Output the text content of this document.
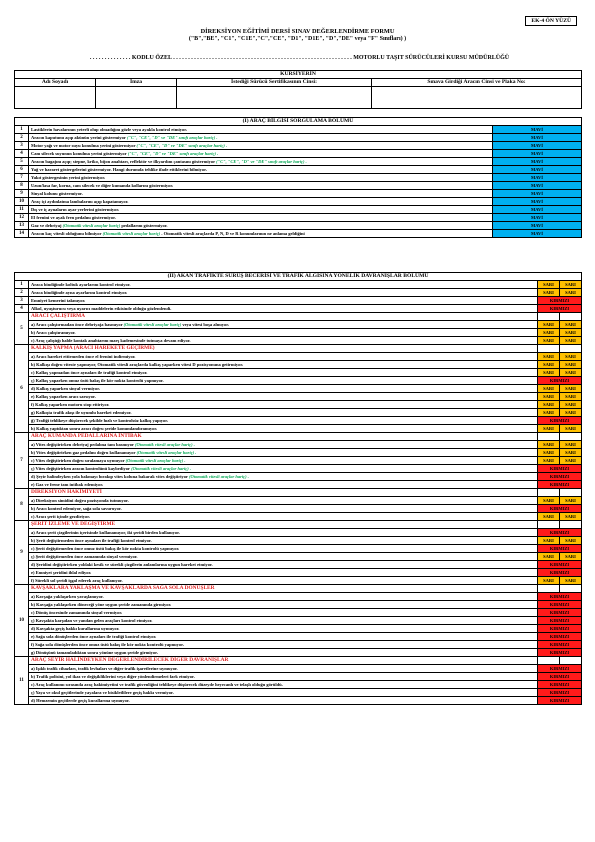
EK-4 ÖN YÜZÜ
DİREKSİYON EĞİTİMİ DERSİ SINAV DEĞERLENDİRME FORMU
("B","BE", "C1", "C1E","C","CE", "D1", "D1E", "D","DE" veya "F" Sınıfları) )
. . . . . . . . . . . . . . KODLU ÖZEL . . . . . . . . . . . . . . . . . . . . . . . . . . . . . . . . . . . . . . . . . . . . . . . . . . . . . . . . . . . . MOTORLU TAŞIT SÜRÜCÜLERİ KURSU MÜDÜRLÜĞÜ
KURSİYERİN			
Adı Soyadı	İmza	İstediği Sürücü Sertifikasının Cinsi:	Sınava Girdiği Aracın Cinsi ve Plaka No:

(I) ARAÇ BİLGİSİ SORGULAMA BÖLÜMÜ		
1	Lastiklerin havalarının yeterli olup olmadığını gözle veya ayakla kontrol etmiyor.	MAVİ
2	Aracın kaputunu açıp akünün yerini göstermiyor ("C", "CE", "D" ve "DE" sınıfı araçlar hariç) .	MAVİ
3	Motor yağı ve motor suyu konulma yerini göstermiyor ("C", "CE", "D" ve "DE" sınıfı araçlar hariç) .	MAVİ
4	Cam silecek suyunun konulma yerini göstermiyor ("C", "CE", "D" ve "DE" sınıfı araçlar hariç) .	MAVİ
5	Aracın bagajını açıp; stepne, kriko, bijon anahtarı, reflektör ve ilkyardım çantasını göstermiyor ("C", "CE", "D" ve "DE" sınıfı araçlar hariç) .	MAVİ
6	Yağ ve hararet göstergelerini göstermiyor. Hangi durumda tehlike ifade ettiklerini bilmiyor.	MAVİ
7	Yakıt göstergesinin yerini göstermiyor.	MAVİ
8	Uzun/kısa far, korna, cam silecek ve diğer kumanda kollarını göstermiyor.	MAVİ
9	Sinyal kolunu göstermiyor.	MAVİ
10	Araç içi aydınlatma lambalarını açıp kapatamıyor.	MAVİ
11	Dış ve iç aynaların ayar yerlerini göstermiyor.	MAVİ
12	El frenini ve ayak fren pedalını göstermiyor.	MAVİ
13	Gaz ve debriyaj (Otomatik vitesli araçlar hariç) pedallarını göstermiyor.	MAVİ
14	Aracın kaç vitesli olduğunu bilmiyor (Otomatik vitesli araçlar hariç) . Otomatik vitesli araçlarda P, N, D ve R konumlarının ne anlama geldiğini	MAVİ
(II) AKAN TRAFİKTE SÜRÜŞ BECERİSİ VE TRAFİK ALGISINA YÖNELİK DAVRANIŞLAR BÖLÜMÜ			
1	Araca bindiğinde koltuk ayarlarını kontrol etmiyor.	SARI	SARI
2	Araca bindiğinde ayna ayarlarını kontrol etmiyor.	SARI	SARI
3	Emniyet kemerini takmıyor.	KIRMIZI	
4	Alkol, uyuşturucu veya uyarıcı maddelerin etkisinde olduğu gözlemlendi.	KIRMIZI	
5	ARACI ÇALIŞTIRMA		
	a) Aracı çalıştırmadan önce debriyaja basmıyor (Otomatik vitesli araçlar hariç) veya vitesi boşa almıyor.	SARI	SARI
	b) Aracı çalıştıramıyor.	SARI	SARI
	c) Araç çalıştığı halde kontak anahtarını marş kademesinde tutmaya devam ediyor.	SARI	SARI
6	KALKIŞ YAPMA (ARACI HAREKETE GEÇİRME)		
	a) Aracı hareket ettirmeden önce el frenini indirmiyor.	SARI	SARI
	b) Kalkışı doğru viteste yapmıyor, Otomatik vitesli araçlarda kalkış yaparken vitesi D pozisyonuna getirmiyor.	SARI	SARI
	c) Kalkış yapmadan önce aynaları ile trafiği kontrol etmiyor.	SARI	SARI
	ç) Kalkış yaparken omuz üstü bakış ile kör nokta kontrolü yapmıyor.	KIRMIZI	
	d) Kalkış yaparken sinyal vermiyor.	SARI	SARI
	e) Kalkış yaparken aracı sarsıyor.	SARI	SARI
	f) Kalkış yaparken motoru stop ettiriyor.	SARI	SARI
	g) Kalkışta trafik akışı ile uyumlu hareket edemiyor.	SARI	SARI
	ğ) Trafiği tehlikeye düşürecek şekilde hızlı ve kontrolsüz kalkış yapıyor.	KIRMIZI	
	h) Kalkış yaptıktan sonra aracı doğru şeride konumlandıramıyor.	SARI	SARI
7	ARAÇ KUMANDA PEDALLARINA İNTİBAK		
	a) Vites değiştirirken debriyaj pedalına tam basmıyor (Otomatik vitesli araçlar hariç) .	SARI	SARI
	b) Vites değiştirirken gaz pedalını doğru kullanamıyor (Otomatik vitesli araçlar hariç) .	SARI	SARI
	c) Vites değiştirirken doğru sıralamaya uymuyor (Otomatik vitesli araçlar hariç) .	SARI	SARI
	ç) Vites değiştirirken aracın kontrolünü kaybediyor (Otomatik vitesli araçlar hariç) .	KIRMIZI	
	d) Şeyir halindeyken yola bakmayı bırakıp vites koluna bakarak vites değiştiriyor (Otomatik vitesli araçlar hariç) .	KIRMIZI	
	e) Gaz ve frene tam intibak edemiyor.	KIRMIZI	
8	DİREKSİYON HAKİMİYETİ		
	a) Direksiyon simidini doğru pozisyonda tutmuyor.	SARI	SARI
	b) Aracı kontrol edemiyor, sağa sola savuruyor.	KIRMIZI	
	c) Aracı şerit içinde gezdiriyor.	SARI	SARI
9	ŞERİT İZLEME VE DEĞİŞTİRME		
	a) Aracı şerit çizgilerinin içerisinde kullanamıyor, iki şeridi birden kullanıyor.	KIRMIZI	
	b) Şerit değiştirmeden önce aynaları ile trafiği kontrol etmiyor.	SARI	SARI
	c) Şerit değiştirmeden önce omuz üstü bakış ile kör nokta kontrolü yapmıyor.	KIRMIZI	
	ç) Şerit değiştirmeden önce zamanında sinyal vermiyor.	SARI	SARI
	d) Şeridini değiştirirken yoldaki kesik ve sürekli çizgilerin anlamlarına uygun hareket etmiyor.	KIRMIZI	
	e) Emniyet şeridini ihlal ediyor.	KIRMIZI	
	f) Sürekli sol şeridi işgal ederek araç kullanıyor.	SARI	SARI
10	KAVŞAKLARA YAKLAŞMA VE KAVŞAKLARDA SAĞA SOLA DÖNÜŞLER		
	a) Kavşağa yaklaşırken yavaşlamıyor.	KIRMIZI	
	b) Kavşağa yaklaşırken döneceği yöne uygun şeride zamanında girmiyor.	KIRMIZI	
	c) Dönüş öncesinde zamanında sinyal vermiyor.	KIRMIZI	
	ç) Kavşakta karşıdan ve yandan gelen araçları kontrol etmiyor.	KIRMIZI	
	d) Kavşakta geçiş hakkı kurallarına uymuyor.	KIRMIZI	
	e) Sağa sola dönüşlerden önce aynaları ile trafiği kontrol etmiyor.	KIRMIZI	
	f) Sağa sola dönüşlerden önce omuz üstü bakış ile kör nokta kontrolü yapmıyor.	KIRMIZI	
	g) Dönüşünü tamamladıktan sonra yönüne uygun şeride girmiyor.	KIRMIZI	
11	ARAÇ SEYİR HALİNDEYKEN DEĞERLENDİRİLECEK DİĞER DAVRANIŞLAR		
	a) Işıklı trafik cihazları, trafik levhaları ve diğer trafik işaretlerine uymuyor.	KIRMIZI	
	b) Trafik polisini, yol ikaz ve değişikliklerini veya diğer yönlendirmeleri fark etmiyor.	KIRMIZI	
	c) Araç kullanımı sırasında araç hakimiyetini ve trafik güvenliğini tehlikeye düşürecek düzeyde heyecanlı ve telaşlı olduğu görüldü.	KIRMIZI	
	ç) Yaya ve okul geçitlerinde yayalara ve bisikletlilere geçiş hakkı vermiyor.	KIRMIZI	
	d) Hemzemin geçitlerde geçiş kurallarına uymuyor.	KIRMIZI	
